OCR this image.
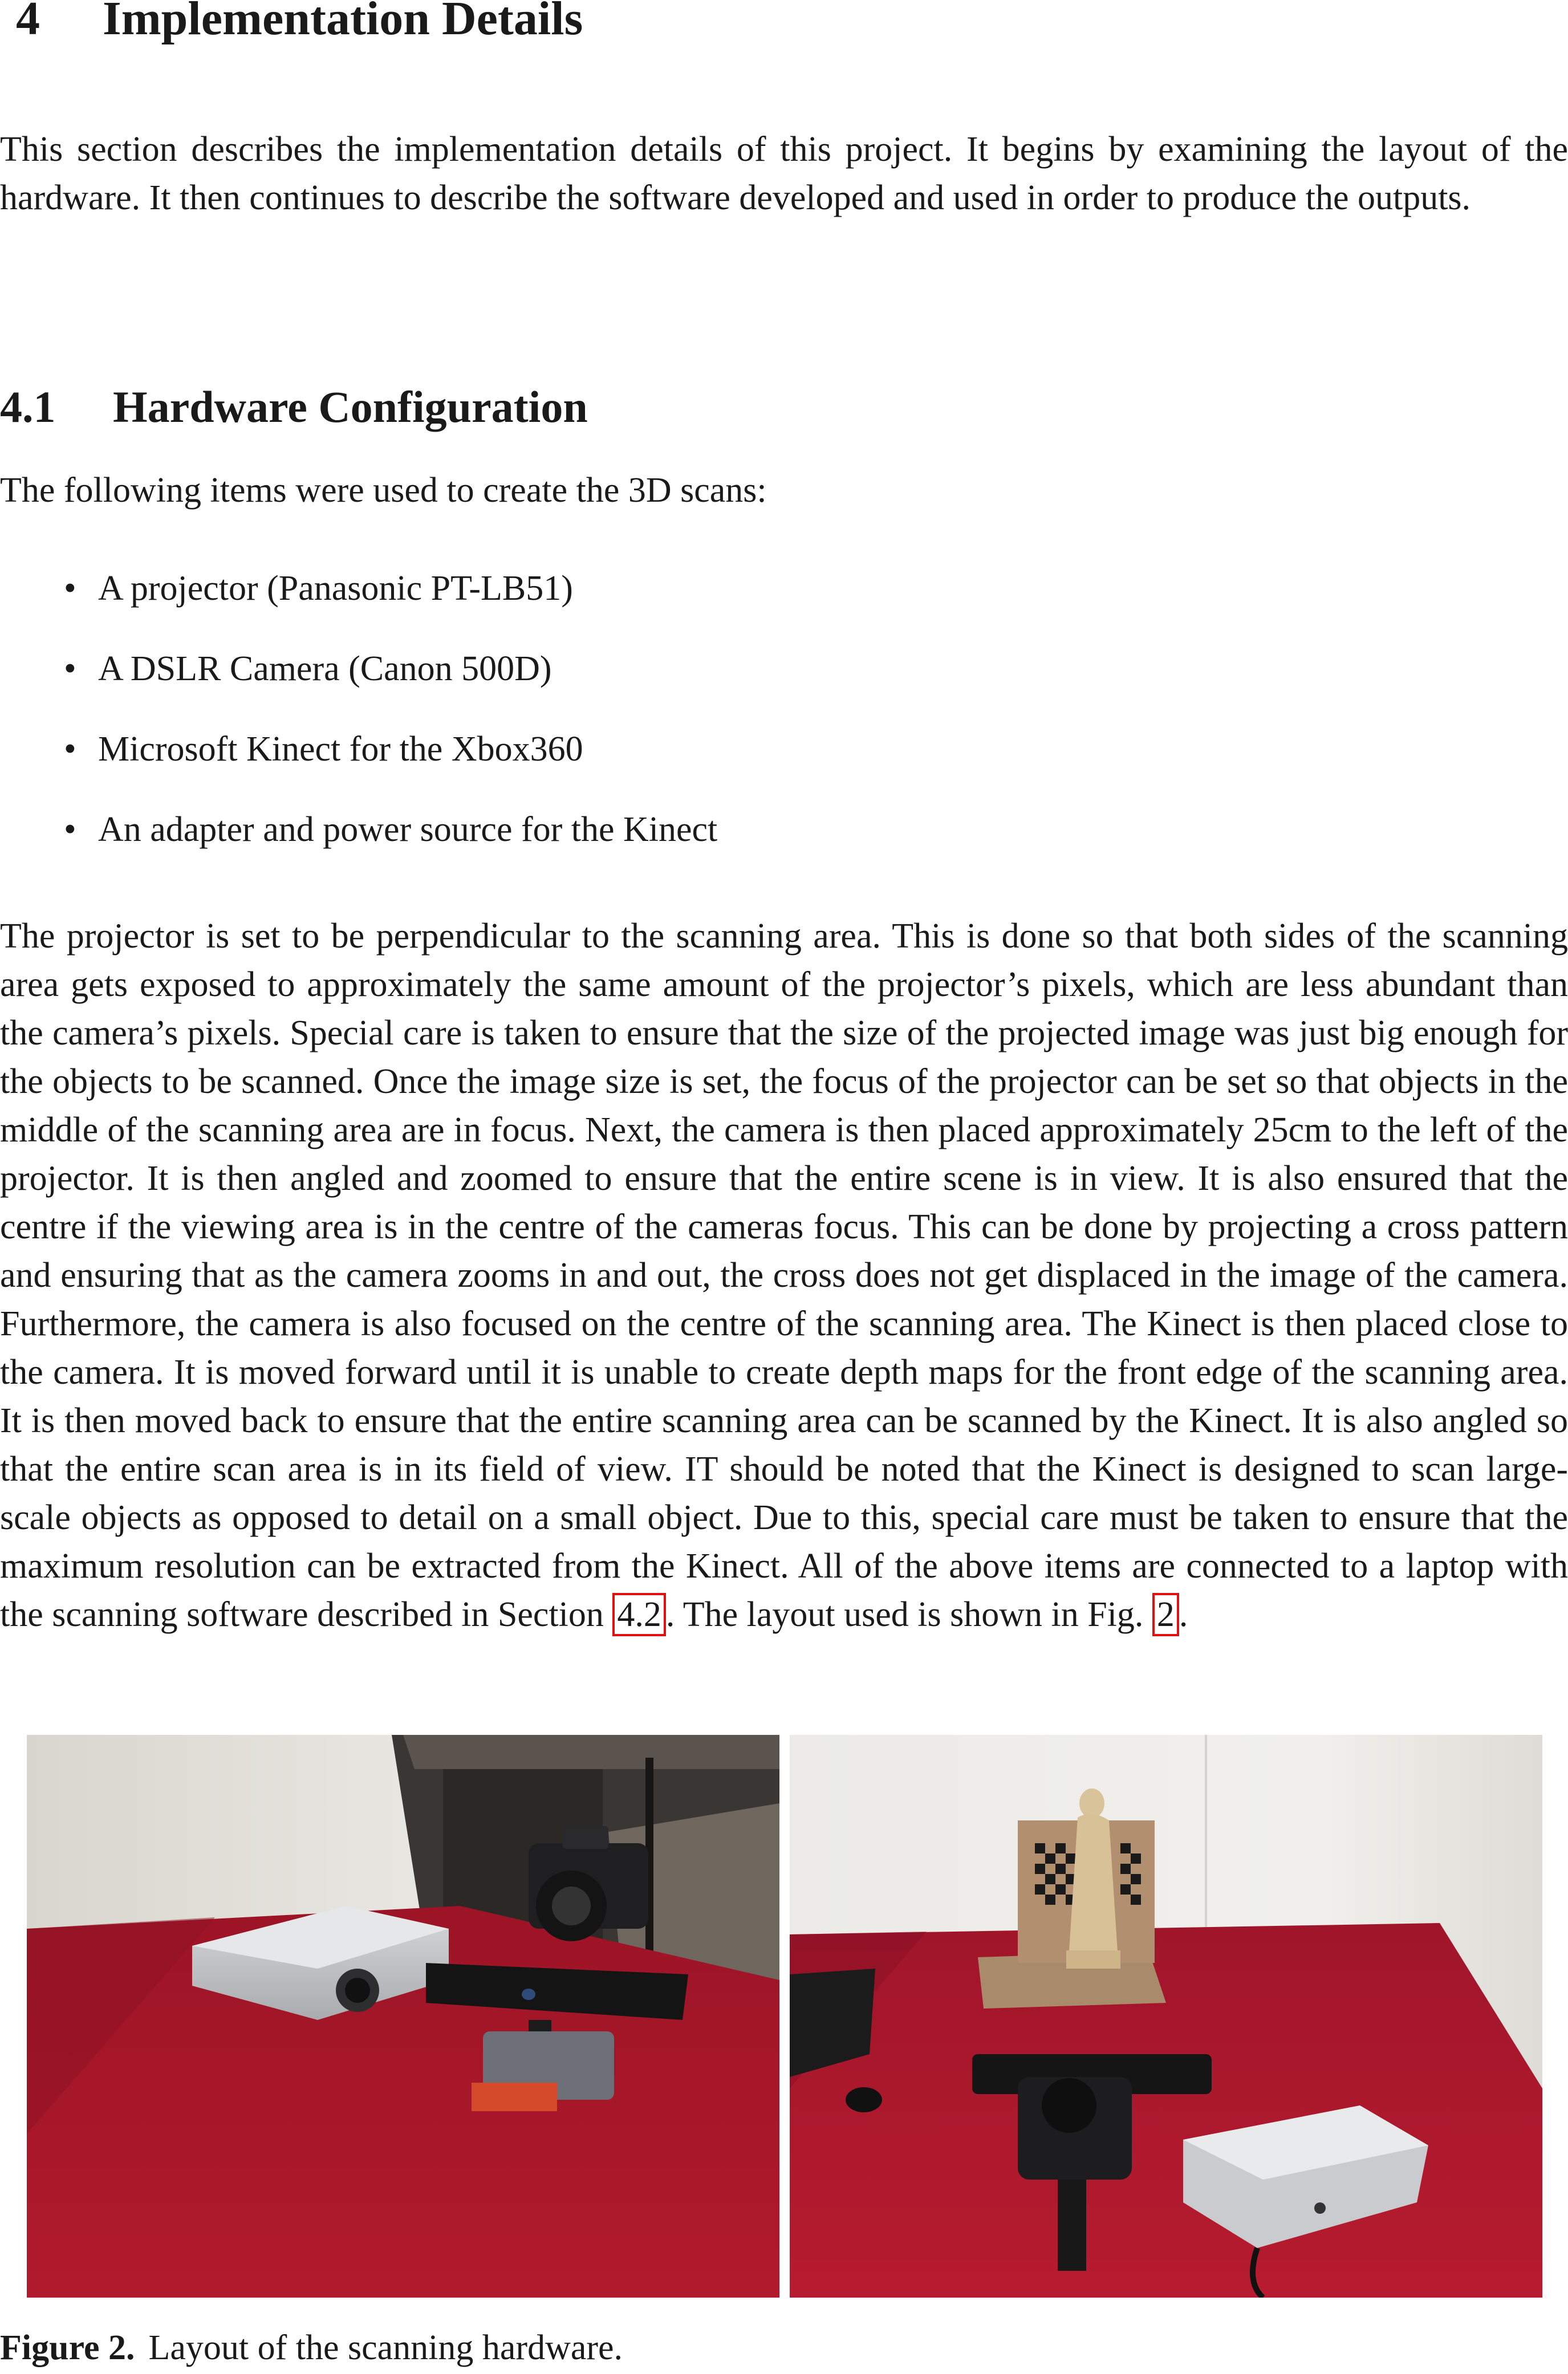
4 Implementation Details

This section describes the implementation details of this project. It begins by examining the layout of the hardware. It then continues to describe the software developed and used in order to produce the outputs.

4.1 Hardware Configuration

The following items were used to create the 3D scans:

• A projector (Panasonic PT-LB51)
• A DSLR Camera (Canon 500D)
• Microsoft Kinect for the Xbox360
• An adapter and power source for the Kinect

The projector is set to be perpendicular to the scanning area. This is done so that both sides of the scanning area gets exposed to approximately the same amount of the projector’s pixels, which are less abundant than the camera’s pixels. Special care is taken to ensure that the size of the projected image was just big enough for the objects to be scanned. Once the image size is set, the focus of the projector can be set so that objects in the middle of the scanning area are in focus. Next, the camera is then placed approximately 25cm to the left of the projector. It is then angled and zoomed to ensure that the entire scene is in view. It is also ensured that the centre if the viewing area is in the centre of the cameras focus. This can be done by projecting a cross pattern and ensuring that as the camera zooms in and out, the cross does not get displaced in the image of the camera. Furthermore, the camera is also focused on the centre of the scanning area. The Kinect is then placed close to the camera. It is moved forward until it is unable to create depth maps for the front edge of the scanning area. It is then moved back to ensure that the entire scanning area can be scanned by the Kinect. It is also angled so that the entire scan area is in its field of view. IT should be noted that the Kinect is designed to scan large-scale objects as opposed to detail on a small object. Due to this, special care must be taken to ensure that the maximum resolution can be extracted from the Kinect. All of the above items are connected to a laptop with the scanning software described in Section 4.2 . The layout used is shown in Fig. 2 .

Figure 2. Layout of the scanning hardware.
